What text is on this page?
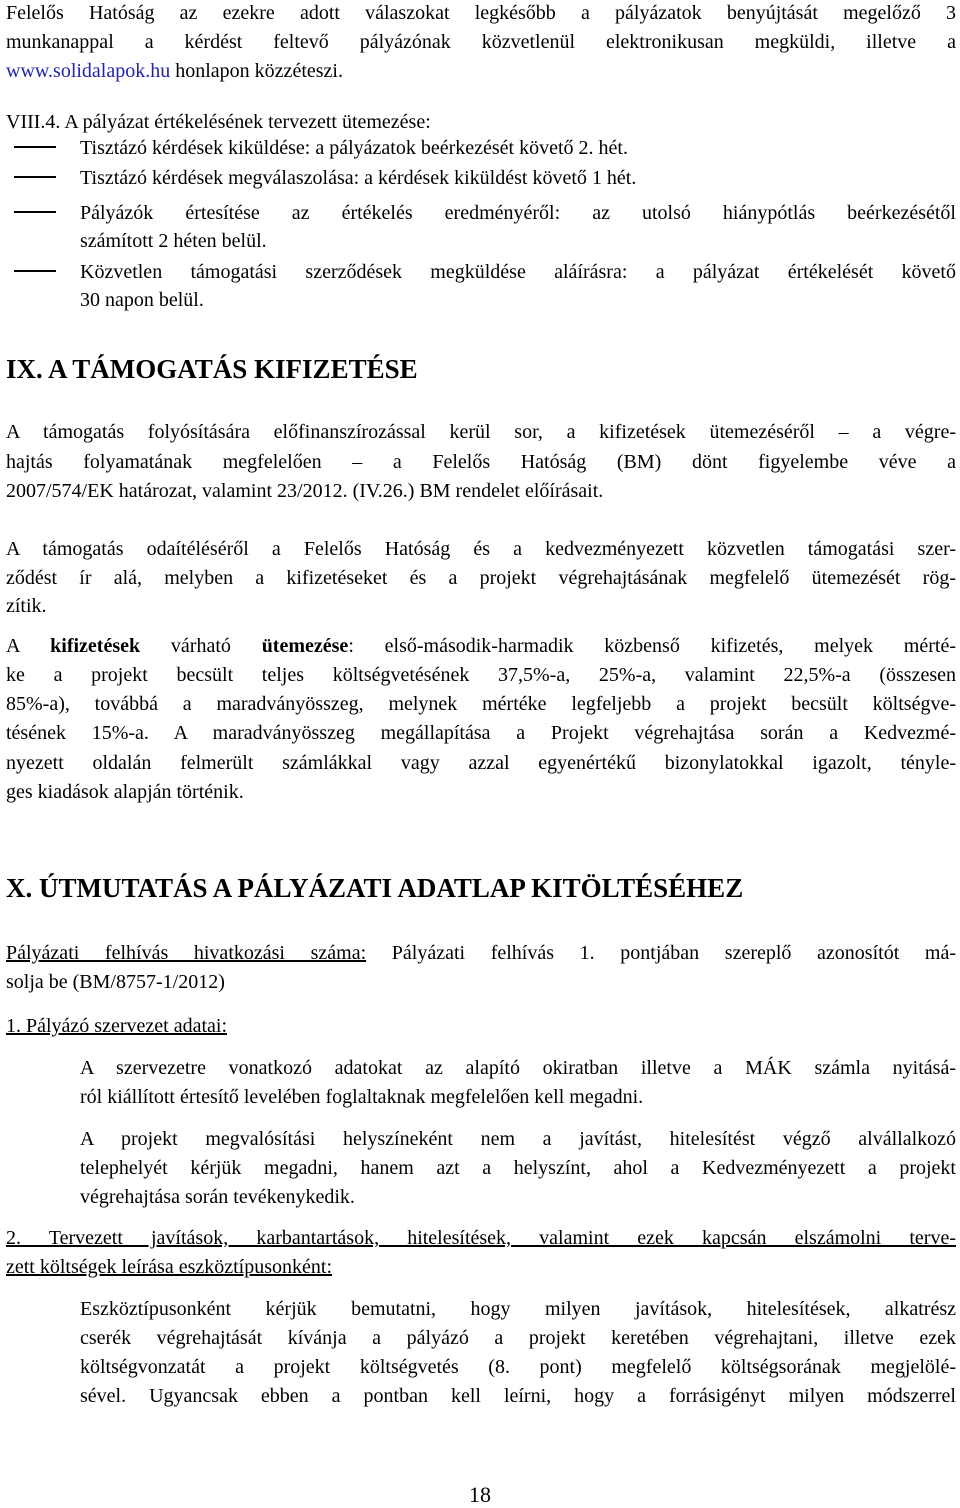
Felelős Hatóság az ezekre adott válaszokat legkésőbb a pályázatok benyújtását megelőző 3
munkanappal a kérdést feltevő pályázónak közvetlenül elektronikusan megküldi, illetve a
www.solidalapok.hu honlapon közzéteszi.
VIII.4. A pályázat értékelésének tervezett ütemezése:
Tisztázó kérdések kiküldése: a pályázatok beérkezését követő 2. hét.
Tisztázó kérdések megválaszolása: a kérdések kiküldést követő 1 hét.
Pályázók értesítése az értékelés eredményéről: az utolsó hiánypótlás beérkezésétől
számított 2 héten belül.
Közvetlen támogatási szerződések megküldése aláírásra: a pályázat értékelését követő
30 napon belül.
IX. A TÁMOGATÁS KIFIZETÉSE
A támogatás folyósítására előfinanszírozással kerül sor, a kifizetések ütemezéséről – a végre-
hajtás folyamatának megfelelően – a Felelős Hatóság (BM) dönt figyelembe véve a
2007/574/EK határozat, valamint 23/2012. (IV.26.) BM rendelet előírásait.
A támogatás odaítéléséről a Felelős Hatóság és a kedvezményezett közvetlen támogatási szer-
ződést ír alá, melyben a kifizetéseket és a projekt végrehajtásának megfelelő ütemezését rög-
zítik.
A kifizetések várható ütemezése: első-második-harmadik közbenső kifizetés, melyek mérté-
ke a projekt becsült teljes költségvetésének 37,5%-a, 25%-a, valamint 22,5%-a (összesen
85%-a), továbbá a maradványösszeg, melynek mértéke legfeljebb a projekt becsült költségve-
tésének 15%-a. A maradványösszeg megállapítása a Projekt végrehajtása során a Kedvezmé-
nyezett oldalán felmerült számlákkal vagy azzal egyenértékű bizonylatokkal igazolt, tényle-
ges kiadások alapján történik.
X. ÚTMUTATÁS A PÁLYÁZATI ADATLAP KITÖLTÉSÉHEZ
Pályázati felhívás hivatkozási száma: Pályázati felhívás 1. pontjában szereplő azonosítót má-
solja be (BM/8757-1/2012)
1. Pályázó szervezet adatai:
A szervezetre vonatkozó adatokat az alapító okiratban illetve a MÁK számla nyitásá-
ról kiállított értesítő levelében foglaltaknak megfelelően kell megadni.
A projekt megvalósítási helyszíneként nem a javítást, hitelesítést végző alvállalkozó
telephelyét kérjük megadni, hanem azt a helyszínt, ahol a Kedvezményezett a projekt
végrehajtása során tevékenykedik.
2. Tervezett javítások, karbantartások, hitelesítések, valamint ezek kapcsán elszámolni terve-
zett költségek leírása eszköztípusonként:
Eszköztípusonként kérjük bemutatni, hogy milyen javítások, hitelesítések, alkatrész
cserék végrehajtását kívánja a pályázó a projekt keretében végrehajtani, illetve ezek
költségvonzatát a projekt költségvetés (8. pont) megfelelő költségsorának megjelölé-
sével. Ugyancsak ebben a pontban kell leírni, hogy a forrásigényt milyen módszerrel
18
